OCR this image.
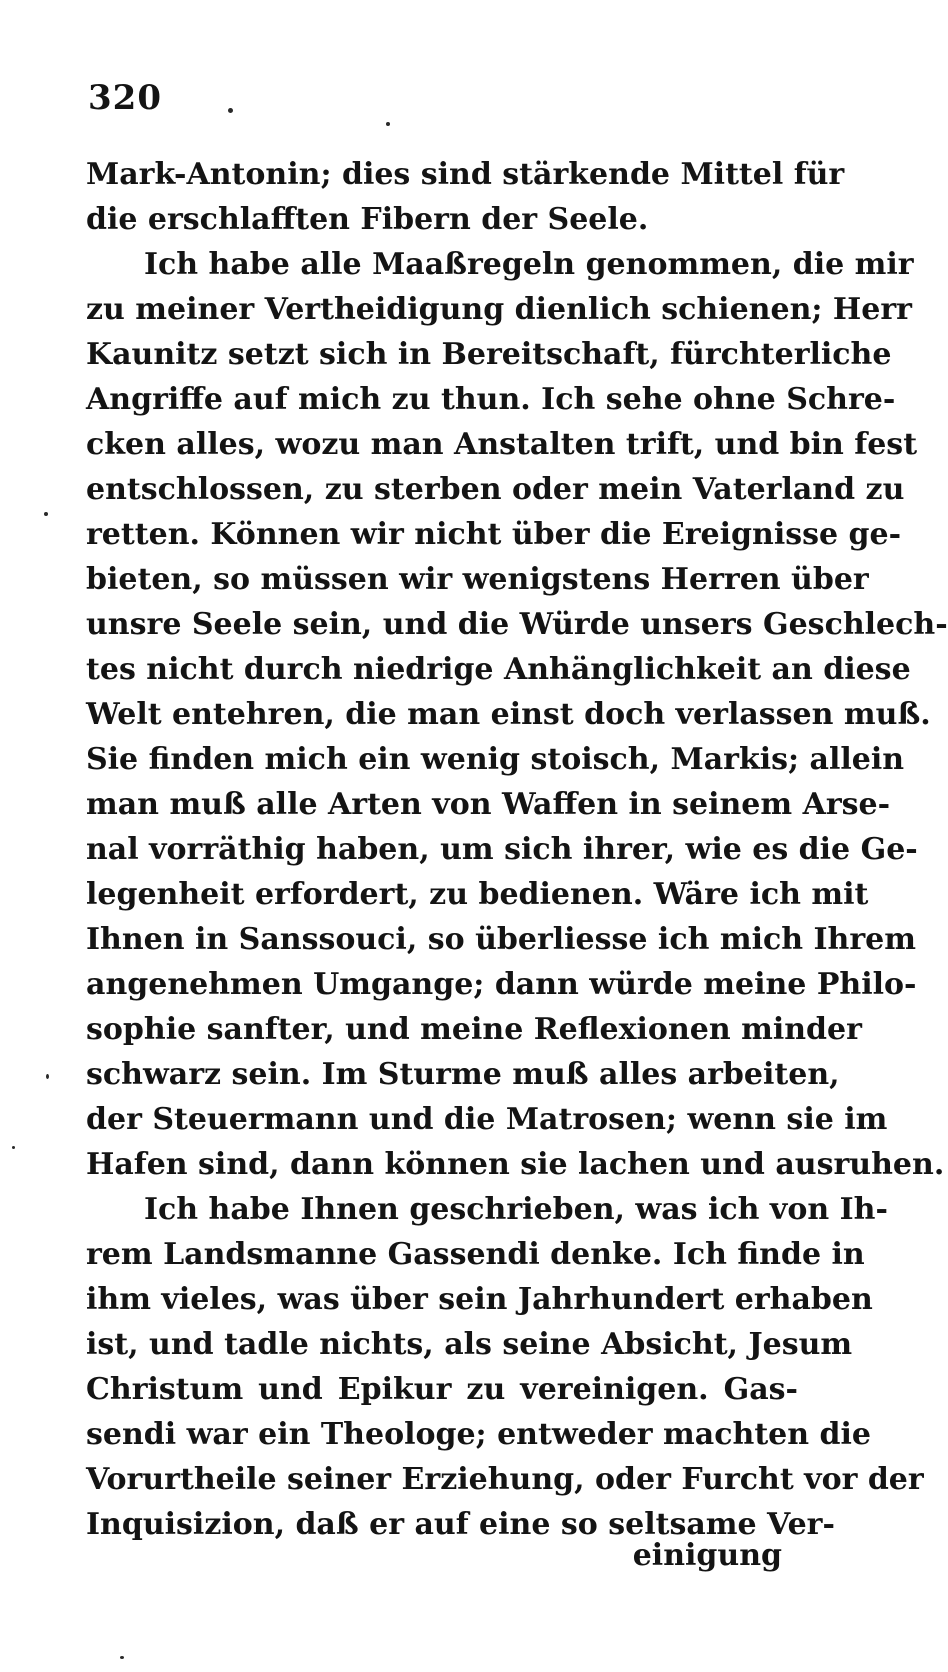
320
Mark-Antonin; dies sind stärkende Mittel für
die erschlafften Fibern der Seele.
Ich habe alle Maaßregeln genommen, die mir
zu meiner Vertheidigung dienlich schienen; Herr
Kaunitz setzt sich in Bereitschaft, fürchterliche
Angriffe auf mich zu thun. Ich sehe ohne Schre-
cken alles, wozu man Anstalten trift, und bin fest
entschlossen, zu sterben oder mein Vaterland zu
retten. Können wir nicht über die Ereignisse ge-
bieten, so müssen wir wenigstens Herren über
unsre Seele sein, und die Würde unsers Geschlech-
tes nicht durch niedrige Anhänglichkeit an diese
Welt entehren, die man einst doch verlassen muß.
Sie finden mich ein wenig stoisch, Markis; allein
man muß alle Arten von Waffen in seinem Arse-
nal vorräthig haben, um sich ihrer, wie es die Ge-
legenheit erfordert, zu bedienen. Wäre ich mit
Ihnen in Sanssouci, so überliesse ich mich Ihrem
angenehmen Umgange; dann würde meine Philo-
sophie sanfter, und meine Reflexionen minder
schwarz sein. Im Sturme muß alles arbeiten,
der Steuermann und die Matrosen; wenn sie im
Hafen sind, dann können sie lachen und ausruhen.
Ich habe Ihnen geschrieben, was ich von Ih-
rem Landsmanne Gassendi denke. Ich finde in
ihm vieles, was über sein Jahrhundert erhaben
ist, und tadle nichts, als seine Absicht, Jesum
Christum und Epikur zu vereinigen. Gas-
sendi war ein Theologe; entweder machten die
Vorurtheile seiner Erziehung, oder Furcht vor der
Inquisizion, daß er auf eine so seltsame Ver-
einigung
